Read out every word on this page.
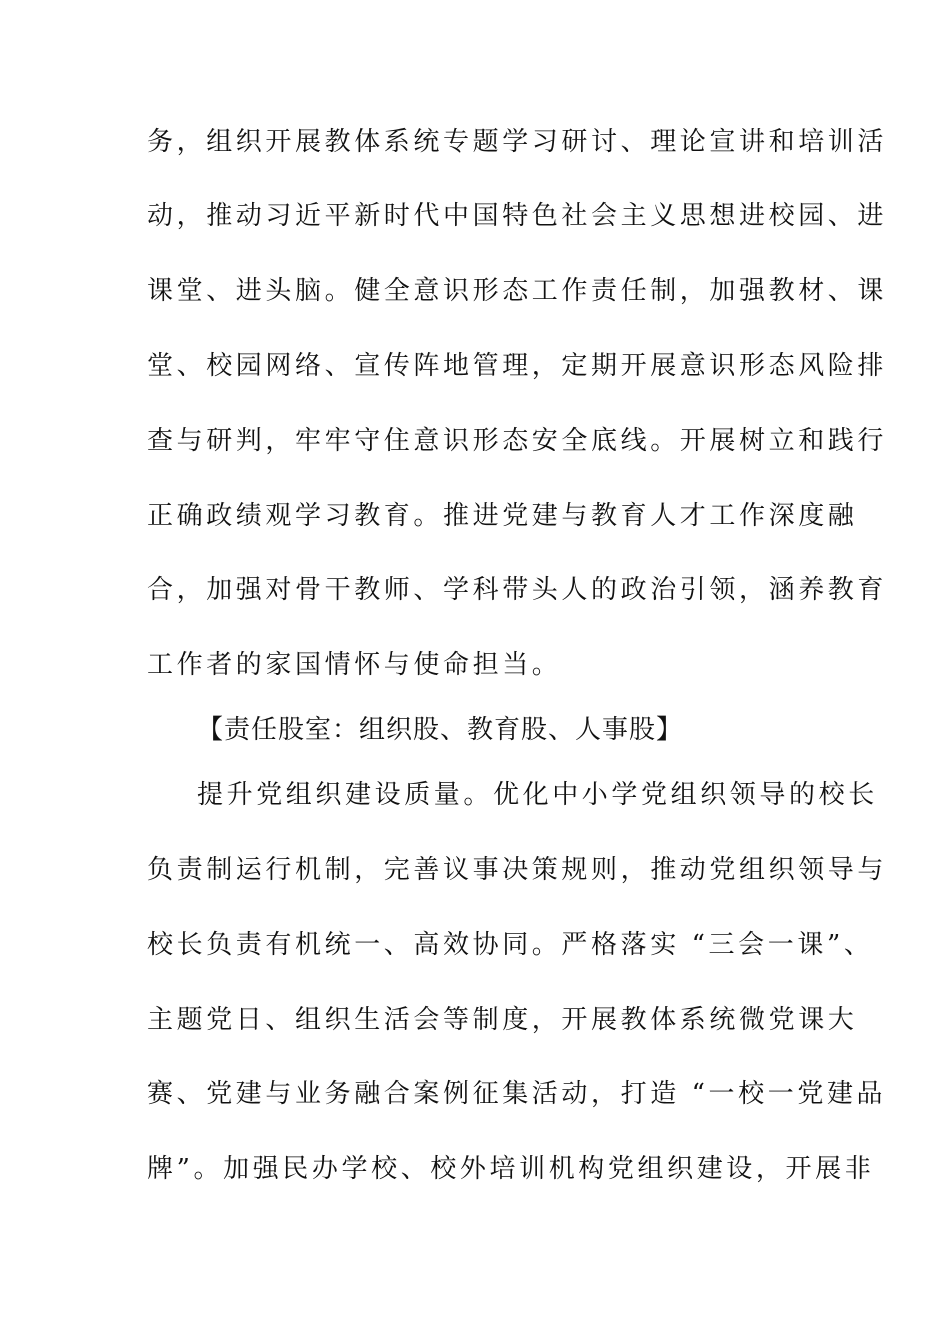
务，组织开展教体系统专题学习研讨、理论宣讲和培训活
动，推动习近平新时代中国特色社会主义思想进校园、进
课堂、进头脑。健全意识形态工作责任制，加强教材、课
堂、校园网络、宣传阵地管理，定期开展意识形态风险排
查与研判，牢牢守住意识形态安全底线。开展树立和践行
正确政绩观学习教育。推进党建与教育人才工作深度融
合，加强对骨干教师、学科带头人的政治引领，涵养教育
工作者的家国情怀与使命担当。
【责任股室：组织股、教育股、人事股】
提升党组织建设质量。优化中小学党组织领导的校长
负责制运行机制，完善议事决策规则，推动党组织领导与
校长负责有机统一、高效协同。严格落实 “三会一课”、
主题党日、组织生活会等制度，开展教体系统微党课大
赛、党建与业务融合案例征集活动，打造 “一校一党建品
牌”。加强民办学校、校外培训机构党组织建设，开展非
